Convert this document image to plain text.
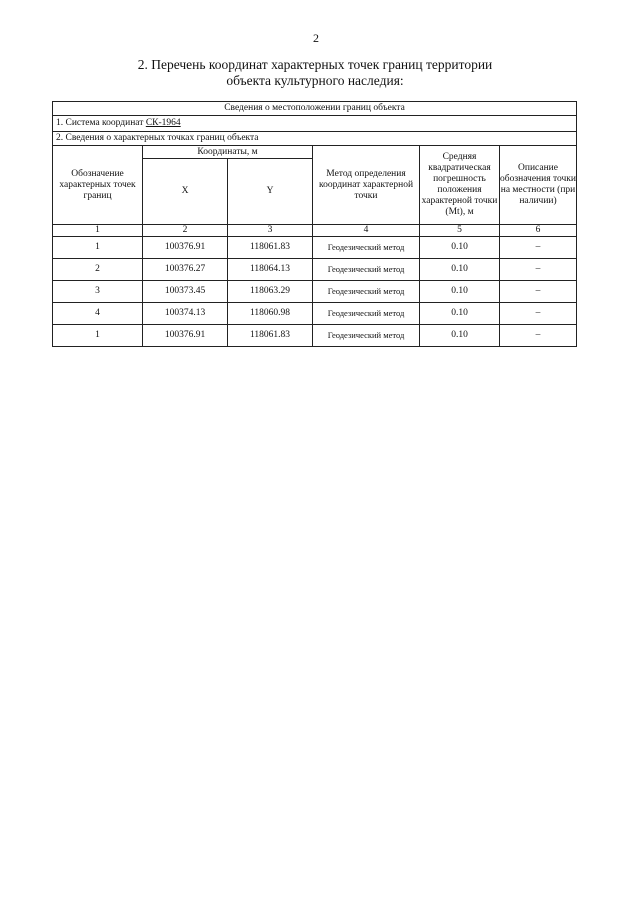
2
2. Перечень координат характерных точек границ территории
объекта культурного наследия:
Сведения о местоположении границ объекта					
1. Система координат СК-1964					
2. Сведения о характерных точках границ объекта					
Обозначение характерных точек границ	Координаты, м		Метод определения координат характерной точки	Средняя квадратическая погрешность положения характерной точки (Mt), м	Описание обозначения точки на местности (при наличии)
	X	Y			
1	2	3	4	5	6
1	100376.91	118061.83	Геодезический метод	0.10	–
2	100376.27	118064.13	Геодезический метод	0.10	–
3	100373.45	118063.29	Геодезический метод	0.10	–
4	100374.13	118060.98	Геодезический метод	0.10	–
1	100376.91	118061.83	Геодезический метод	0.10	–
